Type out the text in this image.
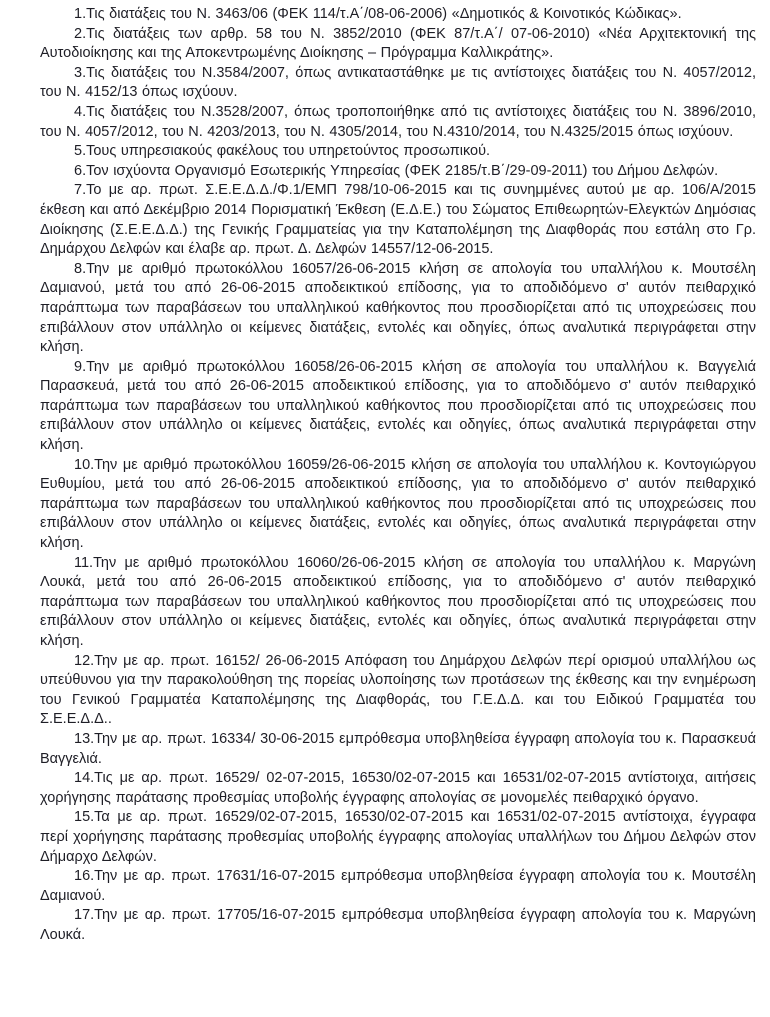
1.Τις διατάξεις του Ν. 3463/06 (ΦΕΚ 114/τ.Α΄/08-06-2006) «Δημοτικός & Κοινοτικός Κώδικας».

2.Τις διατάξεις των αρθρ. 58 του Ν. 3852/2010 (ΦΕΚ 87/τ.Α΄/ 07-06-2010) «Νέα Αρχιτεκτονική της Αυτοδιοίκησης και της Αποκεντρωμένης Διοίκησης – Πρόγραμμα Καλλικράτης».

3.Τις διατάξεις του Ν.3584/2007, όπως αντικαταστάθηκε με τις αντίστοιχες διατάξεις του Ν. 4057/2012, του Ν. 4152/13 όπως ισχύουν.

4.Τις διατάξεις του Ν.3528/2007, όπως τροποποιήθηκε από τις αντίστοιχες διατάξεις του Ν. 3896/2010, του Ν. 4057/2012, του Ν. 4203/2013, του Ν. 4305/2014, του Ν.4310/2014, του Ν.4325/2015 όπως ισχύουν.

5.Τους υπηρεσιακούς φακέλους του υπηρετούντος προσωπικού.

6.Τον ισχύοντα Οργανισμό Εσωτερικής Υπηρεσίας (ΦΕΚ 2185/τ.Β΄/29-09-2011) του Δήμου Δελφών.

7.Το με αρ. πρωτ. Σ.Ε.Ε.Δ.Δ./Φ.1/ΕΜΠ 798/10-06-2015 και τις συνημμένες αυτού με αρ. 106/Α/2015 έκθεση και από Δεκέμβριο 2014 Πορισματική Έκθεση (Ε.Δ.Ε.) του Σώματος Επιθεωρητών-Ελεγκτών Δημόσιας Διοίκησης (Σ.Ε.Ε.Δ.Δ.) της Γενικής Γραμματείας για την Καταπολέμηση της Διαφθοράς που εστάλη στο Γρ. Δημάρχου Δελφών και έλαβε αρ. πρωτ. Δ. Δελφών 14557/12-06-2015.

8.Την με αριθμό πρωτοκόλλου 16057/26-06-2015 κλήση σε απολογία του υπαλλήλου κ. Μουτσέλη Δαμιανού, μετά του από 26-06-2015 αποδεικτικού επίδοσης, για το αποδιδόμενο σ' αυτόν πειθαρχικό παράπτωμα των παραβάσεων του υπαλληλικού καθήκοντος που προσδιορίζεται από τις υποχρεώσεις που επιβάλλουν στον υπάλληλο οι κείμενες διατάξεις, εντολές και οδηγίες, όπως αναλυτικά περιγράφεται στην κλήση.

9.Την με αριθμό πρωτοκόλλου 16058/26-06-2015 κλήση σε απολογία του υπαλλήλου κ. Βαγγελιά Παρασκευά, μετά του από 26-06-2015 αποδεικτικού επίδοσης, για το αποδιδόμενο σ' αυτόν πειθαρχικό παράπτωμα των παραβάσεων του υπαλληλικού καθήκοντος που προσδιορίζεται από τις υποχρεώσεις που επιβάλλουν στον υπάλληλο οι κείμενες διατάξεις, εντολές και οδηγίες, όπως αναλυτικά περιγράφεται στην κλήση.

10.Την με αριθμό πρωτοκόλλου 16059/26-06-2015 κλήση σε απολογία του υπαλλήλου κ. Κοντογιώργου Ευθυμίου, μετά του από 26-06-2015 αποδεικτικού επίδοσης, για το αποδιδόμενο σ' αυτόν πειθαρχικό παράπτωμα των παραβάσεων του υπαλληλικού καθήκοντος που προσδιορίζεται από τις υποχρεώσεις που επιβάλλουν στον υπάλληλο οι κείμενες διατάξεις, εντολές και οδηγίες, όπως αναλυτικά περιγράφεται στην κλήση.

11.Την με αριθμό πρωτοκόλλου 16060/26-06-2015 κλήση σε απολογία του υπαλλήλου κ. Μαργώνη Λουκά, μετά του από 26-06-2015 αποδεικτικού επίδοσης, για το αποδιδόμενο σ' αυτόν πειθαρχικό παράπτωμα των παραβάσεων του υπαλληλικού καθήκοντος που προσδιορίζεται από τις υποχρεώσεις που επιβάλλουν στον υπάλληλο οι κείμενες διατάξεις, εντολές και οδηγίες, όπως αναλυτικά περιγράφεται στην κλήση.

12.Την με αρ. πρωτ. 16152/ 26-06-2015 Απόφαση του Δημάρχου Δελφών περί ορισμού υπαλλήλου ως υπεύθυνου για την παρακολούθηση της πορείας υλοποίησης των προτάσεων της έκθεσης και την ενημέρωση του Γενικού Γραμματέα Καταπολέμησης της Διαφθοράς, του Γ.Ε.Δ.Δ. και του Ειδικού Γραμματέα του Σ.Ε.Ε.Δ.Δ..

13.Την με αρ. πρωτ. 16334/ 30-06-2015 εμπρόθεσμα υποβληθείσα έγγραφη απολογία του κ. Παρασκευά Βαγγελιά.

14.Τις με αρ. πρωτ. 16529/ 02-07-2015, 16530/02-07-2015 και 16531/02-07-2015 αντίστοιχα, αιτήσεις χορήγησης παράτασης προθεσμίας υποβολής έγγραφης απολογίας σε μονομελές πειθαρχικό όργανο.

15.Τα με αρ. πρωτ. 16529/02-07-2015, 16530/02-07-2015 και 16531/02-07-2015 αντίστοιχα, έγγραφα περί χορήγησης παράτασης προθεσμίας υποβολής έγγραφης απολογίας υπαλλήλων του Δήμου Δελφών στον Δήμαρχο Δελφών.

16.Την με αρ. πρωτ. 17631/16-07-2015 εμπρόθεσμα υποβληθείσα έγγραφη απολογία του κ. Μουτσέλη Δαμιανού.

17.Την με αρ. πρωτ. 17705/16-07-2015 εμπρόθεσμα υποβληθείσα έγγραφη απολογία του κ. Μαργώνη Λουκά.
